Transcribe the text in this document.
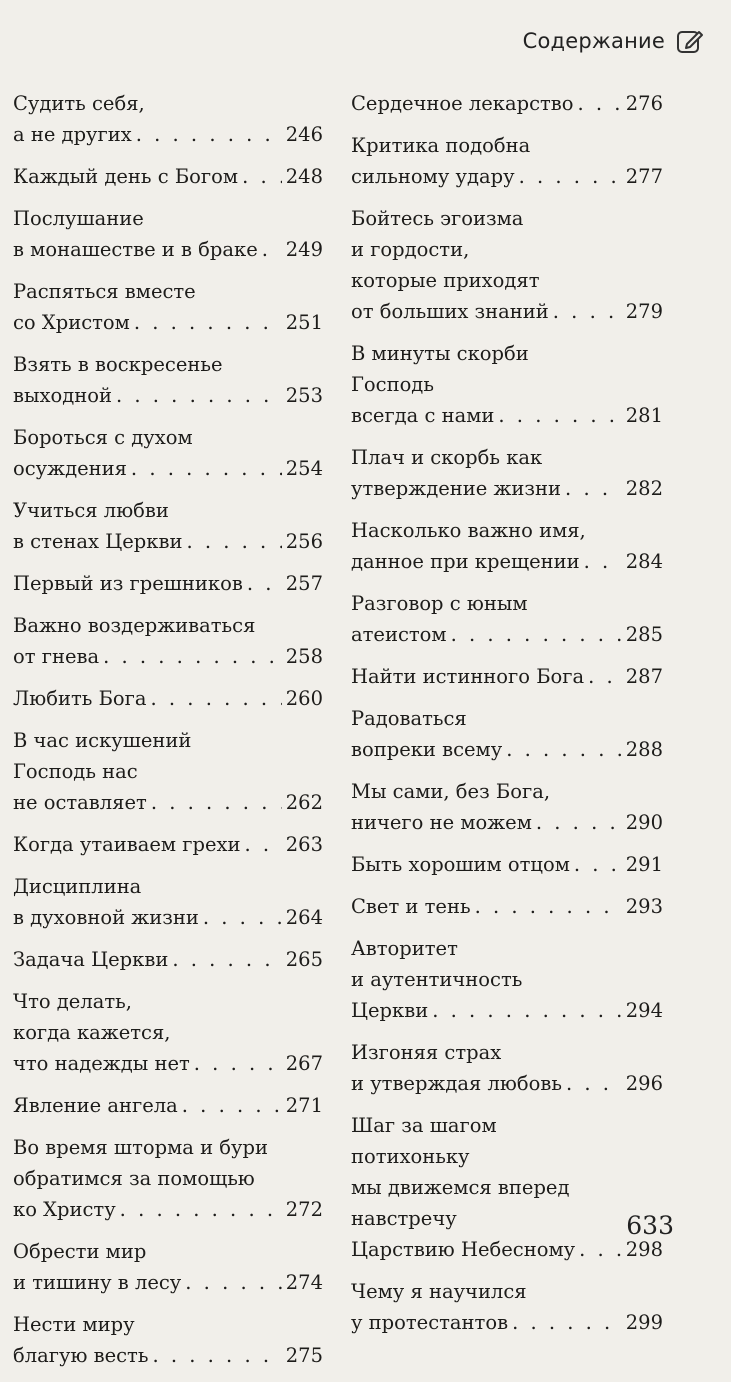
Содержание
Судить себя,
а не других . . .	246
Каждый день с Богом . . . 248
Послушание
в монашестве и в браке . . . 249
Распяться вместе
со Христом . . .	251
Взять в воскресенье
выходной . . .	253
Бороться с духом
осуждения . . .	254
Учиться любви
в стенах Церкви . . .	256
Первый из грешников . . . 257
Важно воздерживаться
от гнева . . .	258
Любить Бога . . .	260
В час искушений
Господь нас
не оставляет . . .	262
Когда утаиваем грехи . . . 263
Дисциплина
в духовной жизни . . .	264
Задача Церкви . . .	265
Что делать,
когда кажется,
что надежды нет . . .	267
Явление ангела . . .	271
Во время шторма и бури
обратимся за помощью
ко Христу . . .	272
Обрести мир
и тишину в лесу . . .	274
Нести миру
благую весть . . .	275
Сердечное лекарство . . .	276
Критика подобна
сильному удару . . .	277
Бойтесь эгоизма
и гордости,
которые приходят
от больших знаний . . .	279
В минуты скорби
Господь
всегда с нами . . .	281
Плач и скорбь как
утверждение жизни . . .	282
Насколько важно имя,
данное при крещении . . . 284
Разговор с юным
атеистом . . .	285
Найти истинного Бога . . . 287
Радоваться
вопреки всему . . .	288
Мы сами, без Бога,
ничего не можем . . .	290
Быть хорошим отцом . . .	291
Свет и тень . . .	293
Авторитет
и аутентичность
Церкви . . .	294
Изгоняя страх
и утверждая любовь . . .	296
Шаг за шагом
потихоньку
мы движемся вперед
навстречу
Царствию Небесному . . .	298
Чему я научился
у протестантов . . .	299
633
